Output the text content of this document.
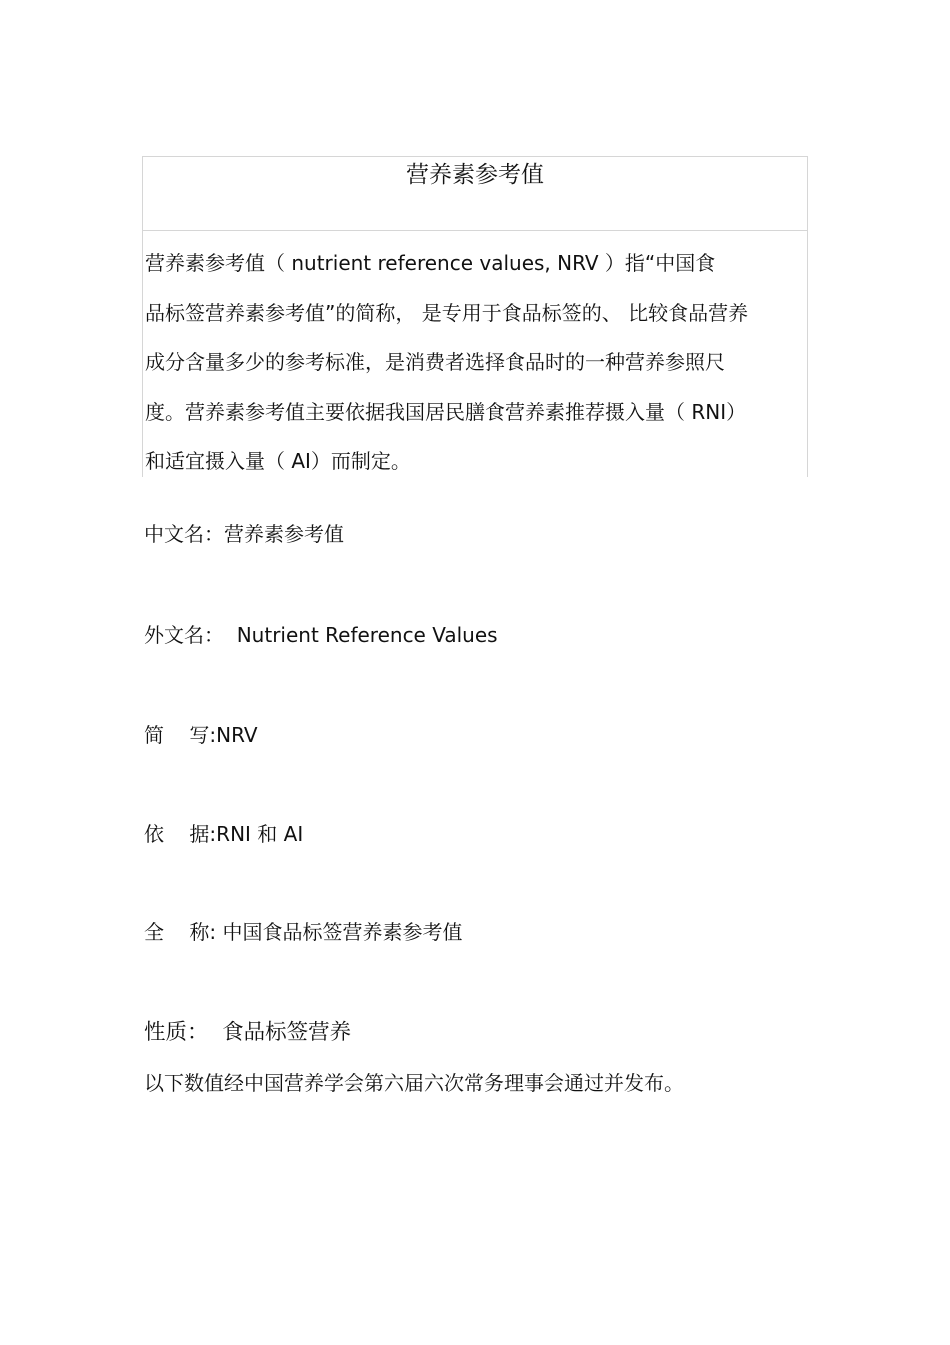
营养素参考值
营养素参考值（ nutrient reference values, NRV ）指“中国食
品标签营养素参考值”的简称， 是专用于食品标签的、 比较食品营养
成分含量多少的参考标准，是消费者选择食品时的一种营养参照尺
度。营养素参考值主要依据我国居民膳食营养素推荐摄入量（ RNI）
和适宜摄入量（ AI）而制定。
中文名：营养素参考值
外文名：  Nutrient Reference Values
简    写:NRV
依    据:RNI 和 AI
全    称: 中国食品标签营养素参考值
性质：  食品标签营养
以下数值经中国营养学会第六届六次常务理事会通过并发布。
